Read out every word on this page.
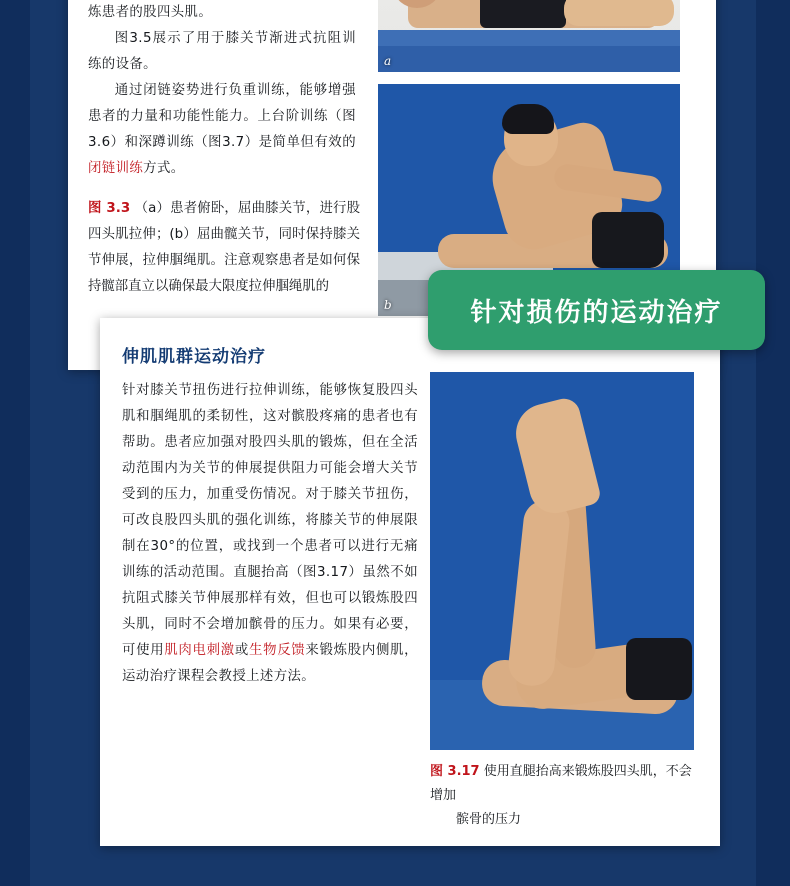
炼患者的股四头肌。
图3.5展示了用于膝关节渐进式抗阻训练的设备。
通过闭链姿势进行负重训练，能够增强患者的力量和功能性能力。上台阶训练（图3.6）和深蹲训练（图3.7）是简单但有效的闭链训练方式。
图 3.3 （a）患者俯卧，屈曲膝关节，进行股四头肌拉伸；(b）屈曲髋关节，同时保持膝关节伸展，拉伸腘绳肌。注意观察患者是如何保持髋部直立以确保最大限度拉伸腘绳肌的
a
b
伸肌肌群运动治疗
针对膝关节扭伤进行拉伸训练，能够恢复股四头肌和腘绳肌的柔韧性，这对髌股疼痛的患者也有帮助。患者应加强对股四头肌的锻炼，但在全活动范围内为关节的伸展提供阻力可能会增大关节受到的压力，加重受伤情况。对于膝关节扭伤，可改良股四头肌的强化训练，将膝关节的伸展限制在30°的位置，或找到一个患者可以进行无痛训练的活动范围。直腿抬高（图3.17）虽然不如抗阻式膝关节伸展那样有效，但也可以锻炼股四头肌，同时不会增加髌骨的压力。如果有必要，可使用肌肉电刺激或生物反馈来锻炼股内侧肌，运动治疗课程会教授上述方法。
图 3.17 使用直腿抬高来锻炼股四头肌，不会增加
髌骨的压力
针对损伤的运动治疗
